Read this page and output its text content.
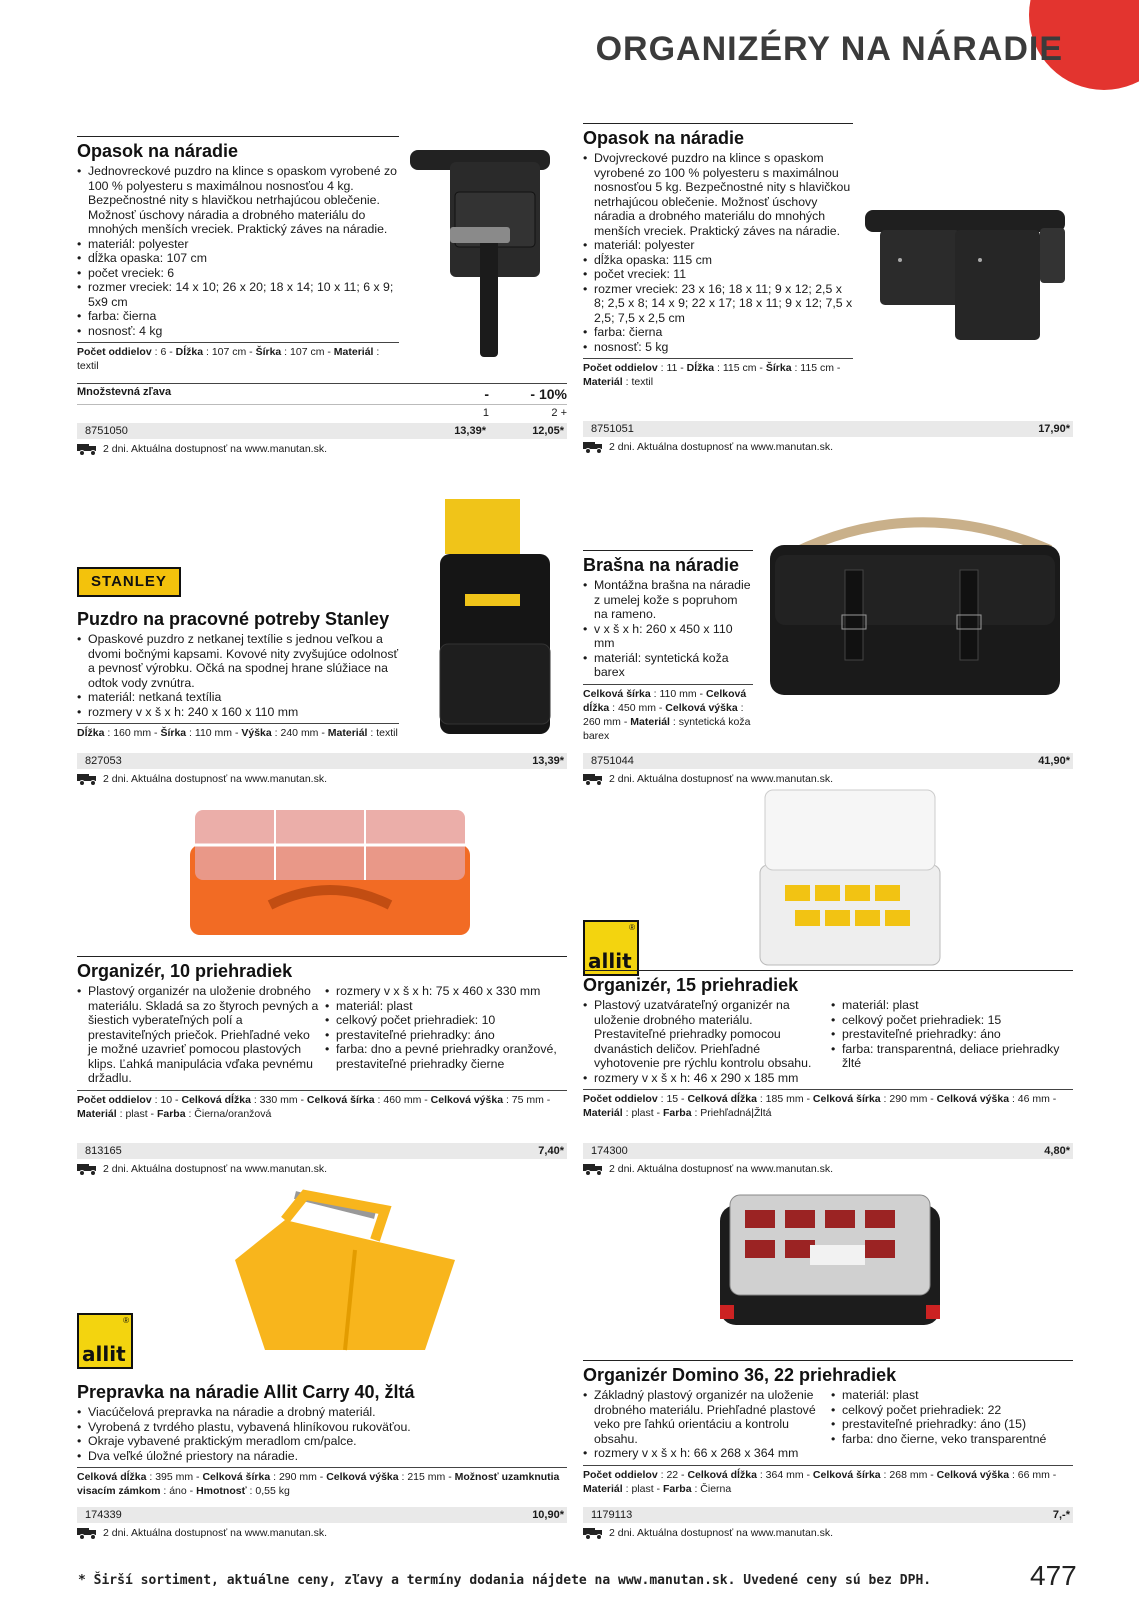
ORGANIZÉRY NA NÁRADIE
Opasok na náradie
• Jednovreckové puzdro na klince s opaskom vyrobené zo 100 % polyesteru s maximálnou nosnosťou 4 kg. Bezpečnostné nity s hlavičkou netrhajúcou oblečenie. Možnosť úschovy náradia a drobného materiálu do mnohých menších vreciek. Praktický záves na náradie.
• materiál: polyester
• dĺžka opaska: 107 cm
• počet vreciek: 6
• rozmer vreciek: 14 x 10; 26 x 20; 18 x 14; 10 x 11; 6 x 9; 5x9 cm
• farba: čierna
• nosnosť: 4 kg
Počet oddielov : 6 - Dĺžka : 107 cm - Šírka : 107 cm - Materiál : textil
Množstevná zľava	-	- 10%
1	2 +
8751050	13,39*	12,05*
2 dni. Aktuálna dostupnosť na www.manutan.sk.
Opasok na náradie
• Dvojvreckové puzdro na klince s opaskom vyrobené zo 100 % polyesteru s maximálnou nosnosťou 5 kg. Bezpečnostné nity s hlavičkou netrhajúcou oblečenie. Možnosť úschovy náradia a drobného materiálu do mnohých menších vreciek. Praktický záves na náradie.
• materiál: polyester
• dĺžka opaska: 115 cm
• počet vreciek: 11
• rozmer vreciek: 23 x 16; 18 x 11; 9 x 12; 2,5 x 8; 2,5 x 8; 14 x 9; 22 x 17; 18 x 11; 9 x 12; 7,5 x 2,5; 7,5 x 2,5 cm
• farba: čierna
• nosnosť: 5 kg
Počet oddielov : 11 - Dĺžka : 115 cm - Šírka : 115 cm - Materiál : textil
8751051	17,90*
2 dni. Aktuálna dostupnosť na www.manutan.sk.
STANLEY
Puzdro na pracovné potreby Stanley
• Opaskové puzdro z netkanej textílie s jednou veľkou a dvomi bočnými kapsami. Kovové nity zvyšujúce odolnosť a pevnosť výrobku. Očká na spodnej hrane slúžiace na odtok vody zvnútra.
• materiál: netkaná textília
• rozmery v x š x h: 240 x 160 x 110 mm
Dĺžka : 160 mm - Šírka : 110 mm - Výška : 240 mm - Materiál : textil
827053	13,39*
2 dni. Aktuálna dostupnosť na www.manutan.sk.
Brašna na náradie
• Montážna brašna na náradie z umelej kože s popruhom na rameno.
• v x š x h: 260 x 450 x 110 mm
• materiál: syntetická koža barex
Celková šírka : 110 mm - Celková dĺžka : 450 mm - Celková výška : 260 mm - Materiál : syntetická koža barex
8751044	41,90*
2 dni. Aktuálna dostupnosť na www.manutan.sk.
Organizér, 10 priehradiek
• Plastový organizér na uloženie drobného materiálu. Skladá sa zo štyroch pevných a šiestich vyberateľných polí a prestaviteľných priečok. Priehľadné veko je možné uzavrieť pomocou plastových klips. Ľahká manipulácia vďaka pevnému držadlu.
• rozmery v x š x h: 75 x 460 x 330 mm
• materiál: plast
• celkový počet priehradiek: 10
• prestaviteľné priehradky: áno
• farba: dno a pevné priehradky oranžové, prestaviteľné priehradky čierne
Počet oddielov : 10 - Celková dĺžka : 330 mm - Celková šírka : 460 mm - Celková výška : 75 mm - Materiál : plast - Farba : Čierna/oranžová
813165	7,40*
2 dni. Aktuálna dostupnosť na www.manutan.sk.
allit
®
Organizér, 15 priehradiek
• Plastový uzatvárateľný organizér na uloženie drobného materiálu. Prestaviteľné priehradky pomocou dvanástich deličov. Priehľadné vyhotovenie pre rýchlu kontrolu obsahu.
• rozmery v x š x h: 46 x 290 x 185 mm
• materiál: plast
• celkový počet priehradiek: 15
• prestaviteľné priehradky: áno
• farba: transparentná, deliace priehradky žlté
Počet oddielov : 15 - Celková dĺžka : 185 mm - Celková šírka : 290 mm - Celková výška : 46 mm - Materiál : plast - Farba : Priehľadná|Žltá
174300	4,80*
2 dni. Aktuálna dostupnosť na www.manutan.sk.
allit
®
Prepravka na náradie Allit Carry 40, žltá
• Viacúčelová prepravka na náradie a drobný materiál.
• Vyrobená z tvrdého plastu, vybavená hliníkovou rukoväťou.
• Okraje vybavené praktickým meradlom cm/palce.
• Dva veľké úložné priestory na náradie.
Celková dĺžka : 395 mm - Celková šírka : 290 mm - Celková výška : 215 mm - Možnosť uzamknutia visacím zámkom : áno - Hmotnosť : 0,55 kg
174339	10,90*
2 dni. Aktuálna dostupnosť na www.manutan.sk.
Organizér Domino 36, 22 priehradiek
• Základný plastový organizér na uloženie drobného materiálu. Priehľadné plastové veko pre ľahkú orientáciu a kontrolu obsahu.
• rozmery v x š x h: 66 x 268 x 364 mm
• materiál: plast
• celkový počet priehradiek: 22
• prestaviteľné priehradky: áno (15)
• farba: dno čierne, veko transparentné
Počet oddielov : 22 - Celková dĺžka : 364 mm - Celková šírka : 268 mm - Celková výška : 66 mm - Materiál : plast - Farba : Čierna
1179113	7,-*
2 dni. Aktuálna dostupnosť na www.manutan.sk.
* Širší sortiment, aktuálne ceny, zľavy a termíny dodania nájdete na www.manutan.sk. Uvedené ceny sú bez DPH.	477
